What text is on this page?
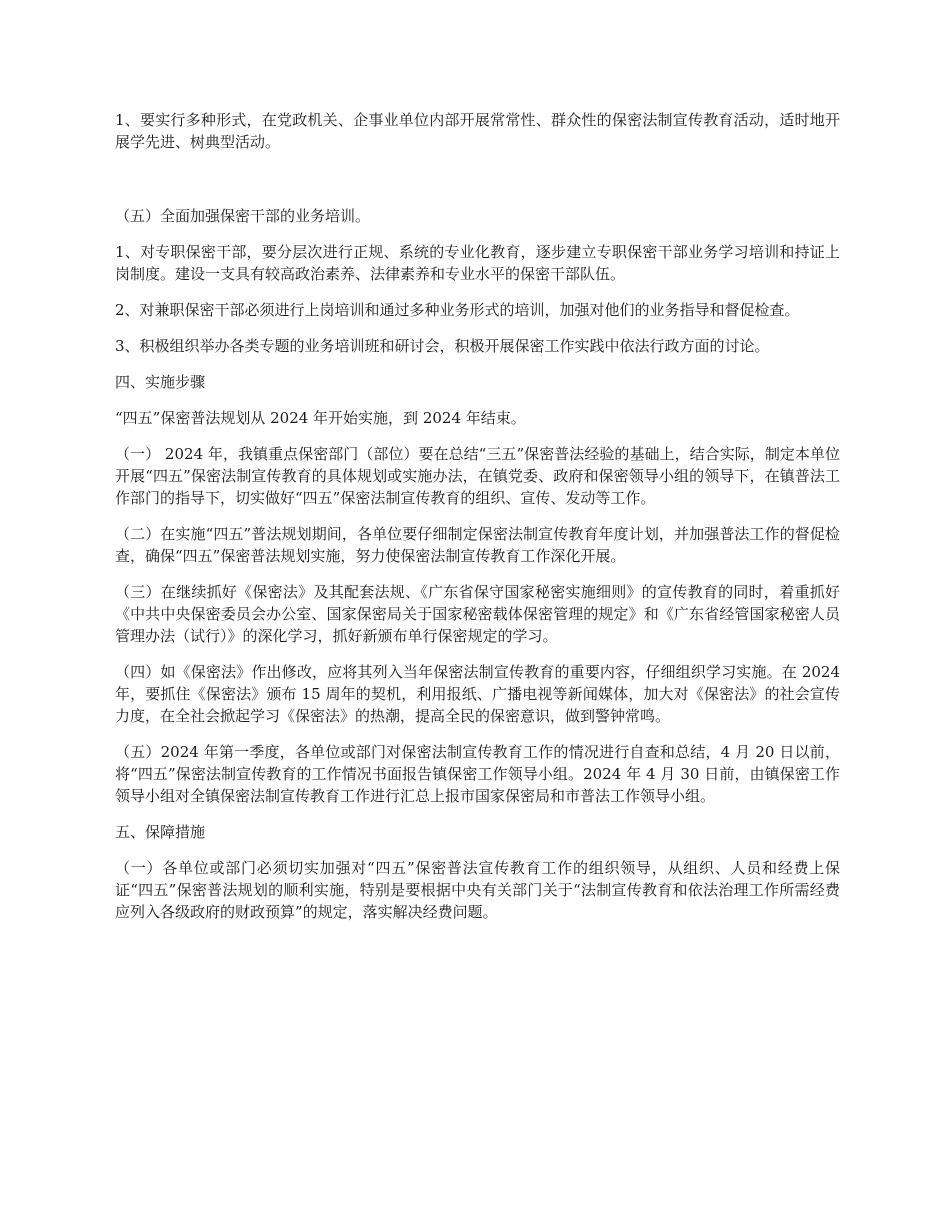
1、要实行多种形式，在党政机关、企事业单位内部开展常常性、群众性的保密法制宣传教育活动，适时地开展学先进、树典型活动。

（五）全面加强保密干部的业务培训。

1、对专职保密干部，要分层次进行正规、系统的专业化教育，逐步建立专职保密干部业务学习培训和持证上岗制度。建设一支具有较高政治素养、法律素养和专业水平的保密干部队伍。

2、对兼职保密干部必须进行上岗培训和通过多种业务形式的培训，加强对他们的业务指导和督促检查。

3、积极组织举办各类专题的业务培训班和研讨会，积极开展保密工作实践中依法行政方面的讨论。

四、实施步骤

“四五”保密普法规划从 2024 年开始实施，到 2024 年结束。

（一） 2024 年，我镇重点保密部门（部位）要在总结“三五”保密普法经验的基础上，结合实际，制定本单位开展“四五”保密法制宣传教育的具体规划或实施办法，在镇党委、政府和保密领导小组的领导下，在镇普法工作部门的指导下，切实做好“四五”保密法制宣传教育的组织、宣传、发动等工作。

（二）在实施“四五”普法规划期间，各单位要仔细制定保密法制宣传教育年度计划，并加强普法工作的督促检查，确保“四五”保密普法规划实施，努力使保密法制宣传教育工作深化开展。

（三）在继续抓好《保密法》及其配套法规、《广东省保守国家秘密实施细则》的宣传教育的同时，着重抓好《中共中央保密委员会办公室、国家保密局关于国家秘密载体保密管理的规定》和《广东省经管国家秘密人员管理办法（试行）》的深化学习，抓好新颁布单行保密规定的学习。

（四）如《保密法》作出修改，应将其列入当年保密法制宣传教育的重要内容，仔细组织学习实施。在 2024 年，要抓住《保密法》颁布 15 周年的契机，利用报纸、广播电视等新闻媒体，加大对《保密法》的社会宣传力度，在全社会掀起学习《保密法》的热潮，提高全民的保密意识，做到警钟常鸣。

（五）2024 年第一季度，各单位或部门对保密法制宣传教育工作的情况进行自查和总结，4 月 20 日以前，将“四五”保密法制宣传教育的工作情况书面报告镇保密工作领导小组。2024 年 4 月 30 日前，由镇保密工作领导小组对全镇保密法制宣传教育工作进行汇总上报市国家保密局和市普法工作领导小组。

五、保障措施

（一）各单位或部门必须切实加强对“四五”保密普法宣传教育工作的组织领导，从组织、人员和经费上保证“四五”保密普法规划的顺利实施，特别是要根据中央有关部门关于“法制宣传教育和依法治理工作所需经费应列入各级政府的财政预算”的规定，落实解决经费问题。
